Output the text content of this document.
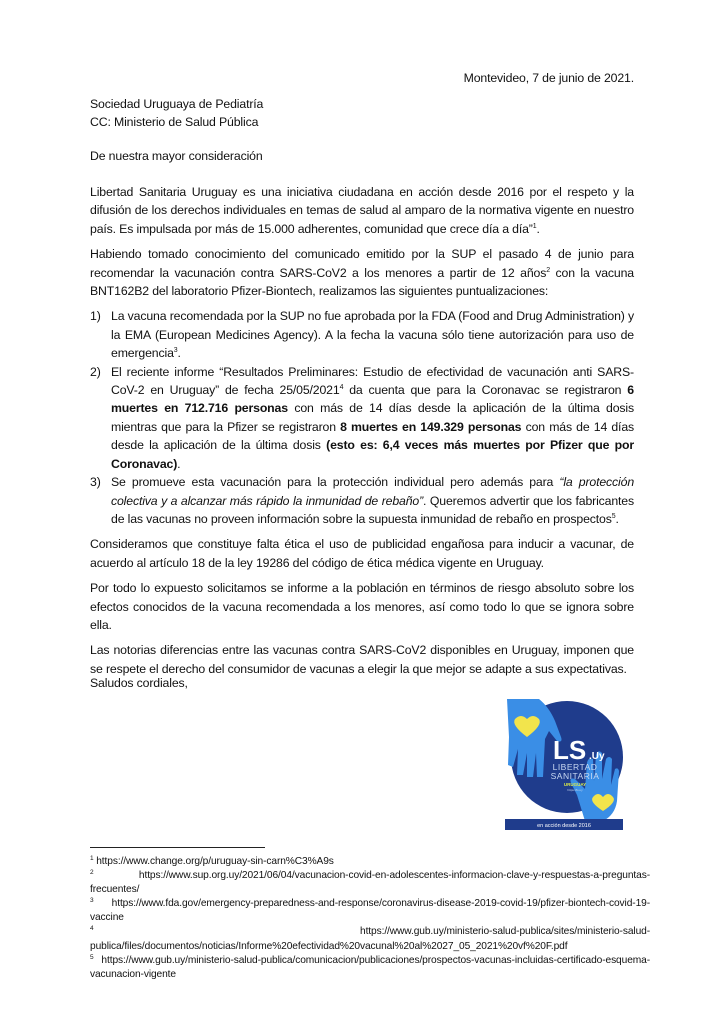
Montevideo, 7 de junio de 2021.
Sociedad Uruguaya de Pediatría
CC: Ministerio de Salud Pública
De nuestra mayor consideración

Libertad Sanitaria Uruguay es una iniciativa ciudadana en acción desde 2016 por el respeto y la difusión de los derechos individuales en temas de salud al amparo de la normativa vigente en nuestro país. Es impulsada por más de 15.000 adherentes, comunidad que crece día a día”$^1$.

Habiendo tomado conocimiento del comunicado emitido por la SUP el pasado 4 de junio para recomendar la vacunación contra SARS-CoV2 a los menores a partir de 12 años$^2$ con la vacuna BNT162B2 del laboratorio Pfizer-Biontech, realizamos las siguientes puntualizaciones:

1) La vacuna recomendada por la SUP no fue aprobada por la FDA (Food and Drug Administration) y la EMA (European Medicines Agency). A la fecha la vacuna sólo tiene autorización para uso de emergencia$^3$.
2) El reciente informe “Resultados Preliminares: Estudio de efectividad de vacunación anti SARS-CoV-2 en Uruguay” de fecha 25/05/2021$^4$ da cuenta que para la Coronavac se registraron 6 muertes en 712.716 personas con más de 14 días desde la aplicación de la última dosis mientras que para la Pfizer se registraron 8 muertes en 149.329 personas con más de 14 días desde la aplicación de la última dosis (esto es: 6,4 veces más muertes por Pfizer que por Coronavac).
3) Se promueve esta vacunación para la protección individual pero además para “la protección colectiva y a alcanzar más rápido la inmunidad de rebaño”. Queremos advertir que los fabricantes de las vacunas no proveen información sobre la supuesta inmunidad de rebaño en prospectos$^5$.

Consideramos que constituye falta ética el uso de publicidad engañosa para inducir a vacunar, de acuerdo al artículo 18 de la ley 19286 del código de ética médica vigente en Uruguay.

Por todo lo expuesto solicitamos se informe a la población en términos de riesgo absoluto sobre los efectos conocidos de la vacuna recomendada a los menores, así como todo lo que se ignora sobre ella.

Las notorias diferencias entre las vacunas contra SARS-CoV2 disponibles en Uruguay, imponen que se respete el derecho del consumidor de vacunas a elegir la que mejor se adapte a sus expectativas.

Saludos cordiales,
LS .Uy
LIBERTAD
SANITARIA
URUGUAY
https://ls.uy
en acción desde 2016

$^1$ https://www.change.org/p/uruguay-sin-carn%C3%A9s

$^2$ https://www.sup.org.uy/2021/06/04/vacunacion-covid-en-adolescentes-informacion-clave-y-respuestas-a-preguntas-frecuentes/

$^3$ https://www.fda.gov/emergency-preparedness-and-response/coronavirus-disease-2019-covid-19/pfizer-biontech-covid-19-vaccine

$^4$ https://www.gub.uy/ministerio-salud-publica/sites/ministerio-salud-publica/files/documentos/noticias/Informe%20efectividad%20vacunal%20al%2027_05_2021%20vf%20F.pdf

$^5$ https://www.gub.uy/ministerio-salud-publica/comunicacion/publicaciones/prospectos-vacunas-incluidas-certificado-esquema-vacunacion-vigente
